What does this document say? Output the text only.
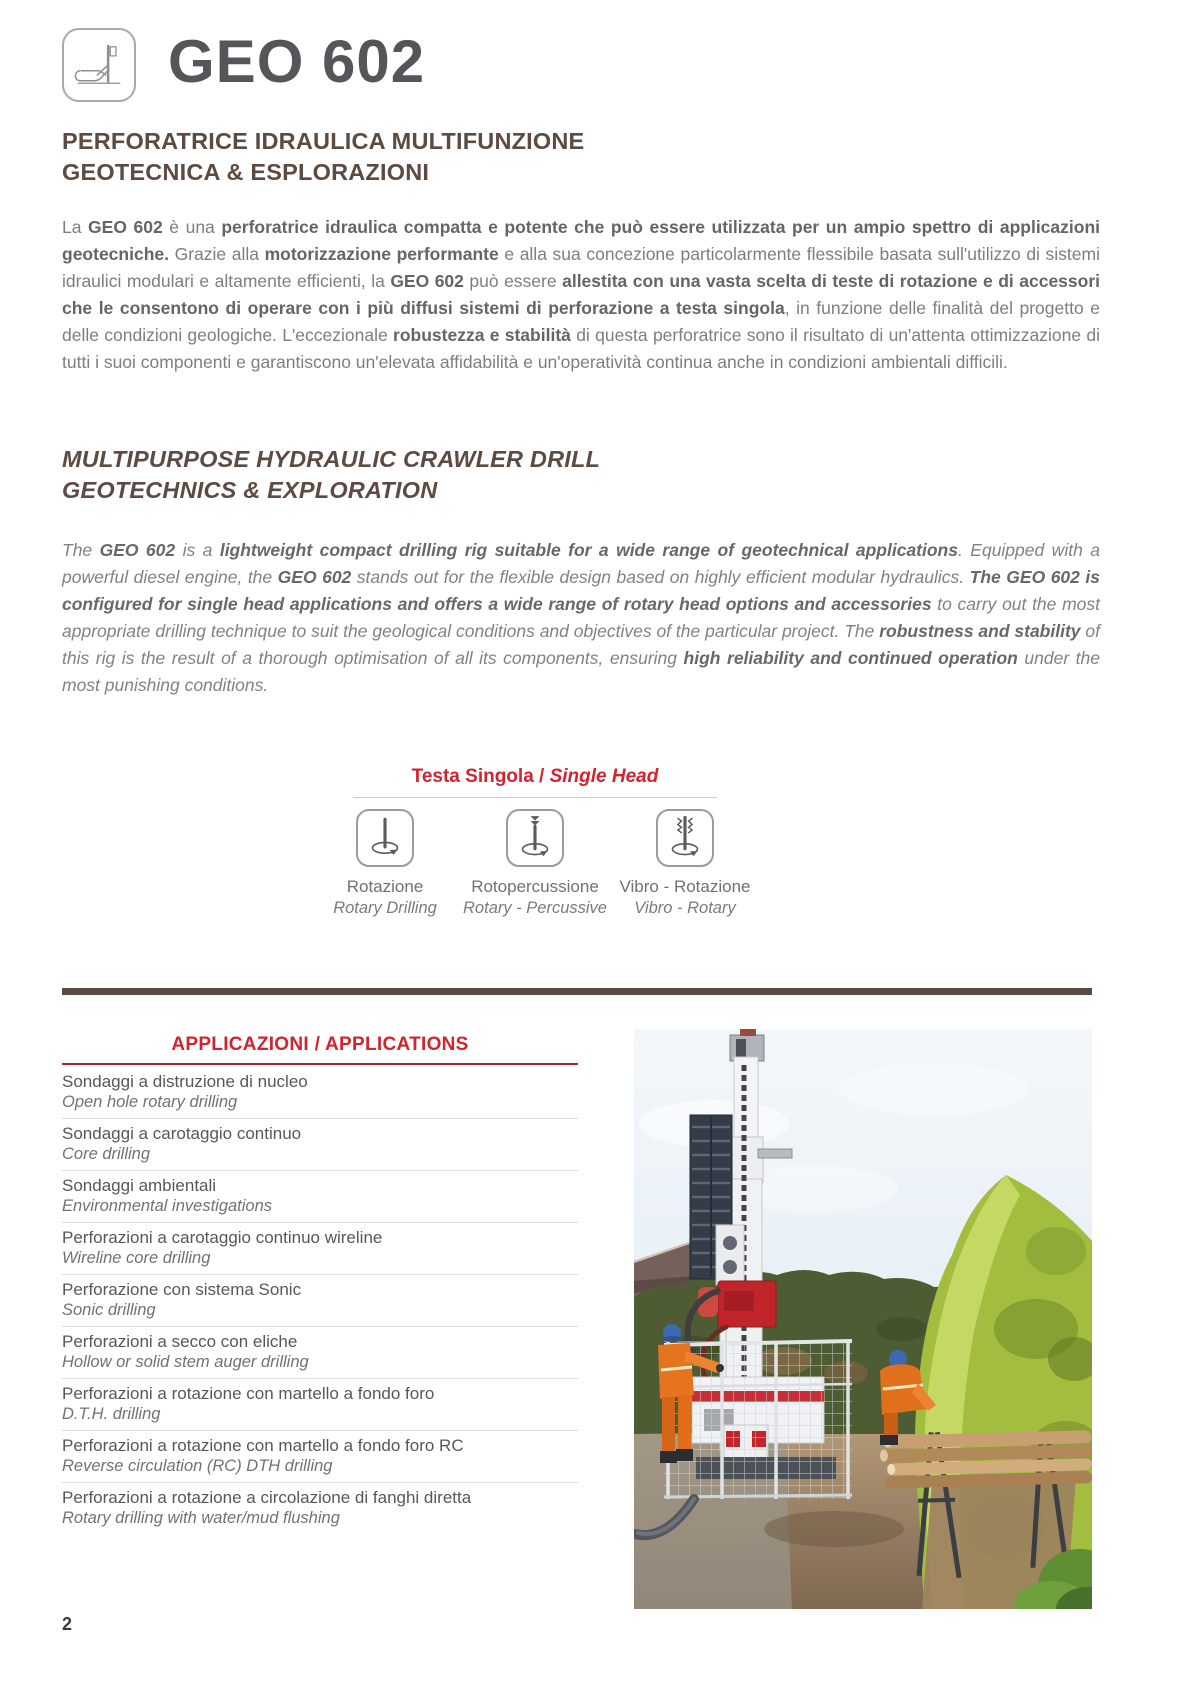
GEO 602
PERFORATRICE IDRAULICA MULTIFUNZIONE
GEOTECNICA & ESPLORAZIONI

La GEO 602 è una perforatrice idraulica compatta e potente che può essere utilizzata per un ampio spettro di applicazioni geotecniche. Grazie alla motorizzazione performante e alla sua concezione particolarmente flessibile basata sull'utilizzo di sistemi idraulici modulari e altamente efficienti, la GEO 602 può essere allestita con una vasta scelta di teste di rotazione e di accessori che le consentono di operare con i più diffusi sistemi di perforazione a testa singola, in funzione delle finalità del progetto e delle condizioni geologiche. L'eccezionale robustezza e stabilità di questa perforatrice sono il risultato di un'attenta ottimizzazione di tutti i suoi componenti e garantiscono un'elevata affidabilità e un'operatività continua anche in condizioni ambientali difficili.

MULTIPURPOSE HYDRAULIC CRAWLER DRILL
GEOTECHNICS & EXPLORATION

The GEO 602 is a lightweight compact drilling rig suitable for a wide range of geotechnical applications. Equipped with a powerful diesel engine, the GEO 602 stands out for the flexible design based on highly efficient modular hydraulics. The GEO 602 is configured for single head applications and offers a wide range of rotary head options and accessories to carry out the most appropriate drilling technique to suit the geological conditions and objectives of the particular project. The robustness and stability of this rig is the result of a thorough optimisation of all its components, ensuring high reliability and continued operation under the most punishing conditions.

Testa Singola / Single Head
Rotazione
Rotary Drilling
Rotopercussione
Rotary - Percussive
Vibro - Rotazione
Vibro - Rotary
APPLICAZIONI / APPLICATIONS
Sondaggi a distruzione di nucleo
Open hole rotary drilling
Sondaggi a carotaggio continuo
Core drilling
Sondaggi ambientali
Environmental investigations
Perforazioni a carotaggio continuo wireline
Wireline core drilling
Perforazione con sistema Sonic
Sonic drilling
Perforazioni a secco con eliche
Hollow or solid stem auger drilling
Perforazioni a rotazione con martello a fondo foro
D.T.H. drilling
Perforazioni a rotazione con martello a fondo foro RC
Reverse circulation (RC) DTH drilling
Perforazioni a rotazione a circolazione di fanghi diretta
Rotary drilling with water/mud flushing
2
